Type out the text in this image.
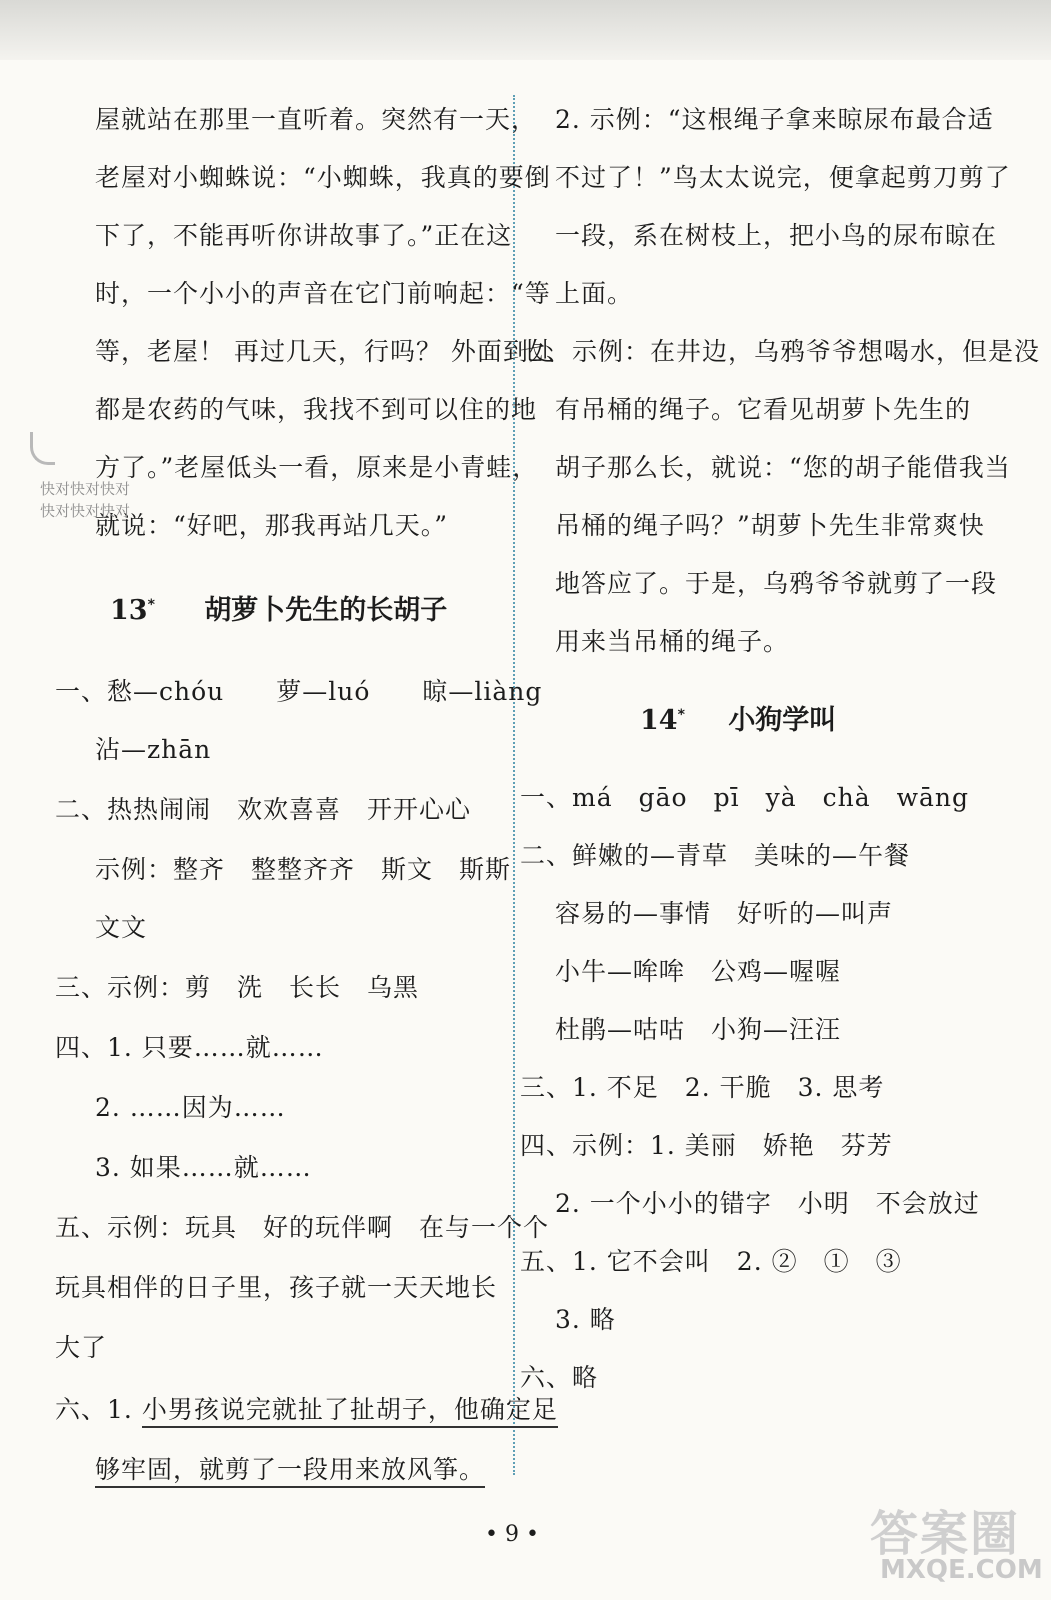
屋就站在那里一直听着。突然有一天，
老屋对小蜘蛛说：“小蜘蛛，我真的要倒
下了，不能再听你讲故事了。”正在这
时，一个小小的声音在它门前响起：“等
等，老屋！ 再过几天，行吗？ 外面到处
都是农药的气味，我找不到可以住的地
方了。”老屋低头一看，原来是小青蛙，
就说：“好吧，那我再站几天。”
13* 胡萝卜先生的长胡子
一、愁—chóu　　萝—luó　　晾—liàng
沾—zhān
二、热热闹闹　欢欢喜喜　开开心心
示例：整齐　整整齐齐　斯文　斯斯
文文
三、示例：剪　洗　长长　乌黑
四、1. 只要……就……
2. ……因为……
3. 如果……就……
五、示例：玩具　好的玩伴啊　在与一个个
玩具相伴的日子里，孩子就一天天地长
大了
六、1. 小男孩说完就扯了扯胡子，他确定足
够牢固，就剪了一段用来放风筝。
2. 示例：“这根绳子拿来晾尿布最合适
不过了！”鸟太太说完，便拿起剪刀剪了
一段，系在树枝上，把小鸟的尿布晾在
上面。
七、示例：在井边，乌鸦爷爷想喝水，但是没
有吊桶的绳子。它看见胡萝卜先生的
胡子那么长，就说：“您的胡子能借我当
吊桶的绳子吗？”胡萝卜先生非常爽快
地答应了。于是，乌鸦爷爷就剪了一段
用来当吊桶的绳子。
14* 小狗学叫
一、má　gāo　pī　yà　chà　wāng
二、鲜嫩的—青草　美味的—午餐
容易的—事情　好听的—叫声
小牛—哞哞　公鸡—喔喔
杜鹃—咕咕　小狗—汪汪
三、1. 不足　2. 干脆　3. 思考
四、示例：1. 美丽　娇艳　芬芳
2. 一个小小的错字　小明　不会放过
五、1. 它不会叫　2. ②　①　③
3. 略
六、略
快对快对快对
快对快对快对
• 9 •	答案圈
MXQE.COM
